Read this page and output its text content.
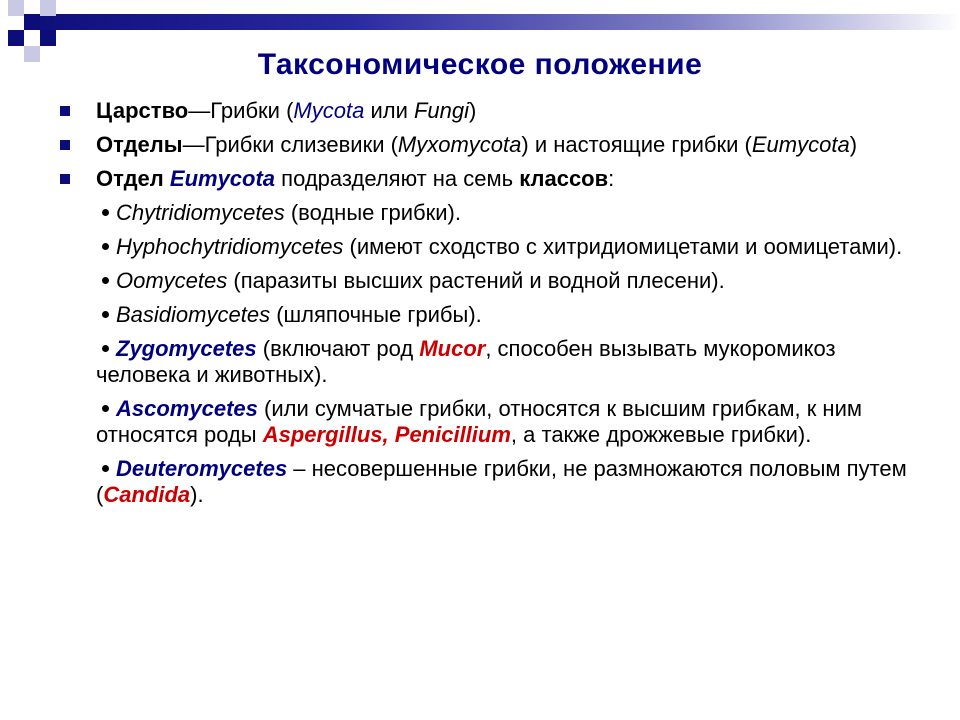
Таксономическое положение
Царство—Грибки (Mycota или Fungi)
Отделы—Грибки слизевики (Myxomycota) и настоящие грибки (Eumycota)
Отдел Eumycota подразделяют на семь классов:
Chytridiomycetes (водные грибки).
Hyphochytridiomycetes (имеют сходство с хитридиомицетами и оомицетами).
Oomycetes (паразиты высших растений и водной плесени).
Basidiomycetes (шляпочные грибы).
Zygomycetes (включают род Mucor, способен вызывать мукоромикоз человека и животных).
Ascomycetes (или сумчатые грибки, относятся к высшим грибкам, к ним относятся роды Aspergillus, Penicillium, а также дрожжевые грибки).
Deuteromycetes – несовершенные грибки, не размножаются половым путем (Candida).
